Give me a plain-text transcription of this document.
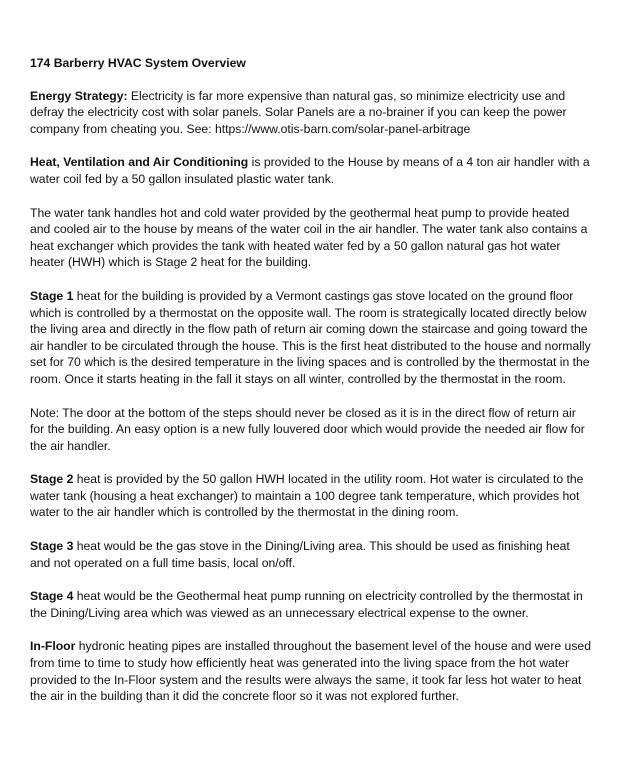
174 Barberry HVAC System Overview

Energy Strategy: Electricity is far more expensive than natural gas, so minimize electricity use and defray the electricity cost with solar panels. Solar Panels are a no-brainer if you can keep the power company from cheating you. See: https://www.otis-barn.com/solar-panel-arbitrage

Heat, Ventilation and Air Conditioning is provided to the House by means of a 4 ton air handler with a water coil fed by a 50 gallon insulated plastic water tank.

The water tank handles hot and cold water provided by the geothermal heat pump to provide heated and cooled air to the house by means of the water coil in the air handler. The water tank also contains a heat exchanger which provides the tank with heated water fed by a 50 gallon natural gas hot water heater (HWH) which is Stage 2 heat for the building.

Stage 1 heat for the building is provided by a Vermont castings gas stove located on the ground floor which is controlled by a thermostat on the opposite wall. The room is strategically located directly below the living area and directly in the flow path of return air coming down the staircase and going toward the air handler to be circulated through the house. This is the first heat distributed to the house and normally set for 70 which is the desired temperature in the living spaces and is controlled by the thermostat in the room. Once it starts heating in the fall it stays on all winter, controlled by the thermostat in the room.

Note: The door at the bottom of the steps should never be closed as it is in the direct flow of return air for the building. An easy option is a new fully louvered door which would provide the needed air flow for the air handler.

Stage 2 heat is provided by the 50 gallon HWH located in the utility room. Hot water is circulated to the water tank (housing a heat exchanger) to maintain a 100 degree tank temperature, which provides hot water to the air handler which is controlled by the thermostat in the dining room.

Stage 3 heat would be the gas stove in the Dining/Living area. This should be used as finishing heat and not operated on a full time basis, local on/off.

Stage 4 heat would be the Geothermal heat pump running on electricity controlled by the thermostat in the Dining/Living area which was viewed as an unnecessary electrical expense to the owner.

In-Floor hydronic heating pipes are installed throughout the basement level of the house and were used from time to time to study how efficiently heat was generated into the living space from the hot water provided to the In-Floor system and the results were always the same, it took far less hot water to heat the air in the building than it did the concrete floor so it was not explored further.
